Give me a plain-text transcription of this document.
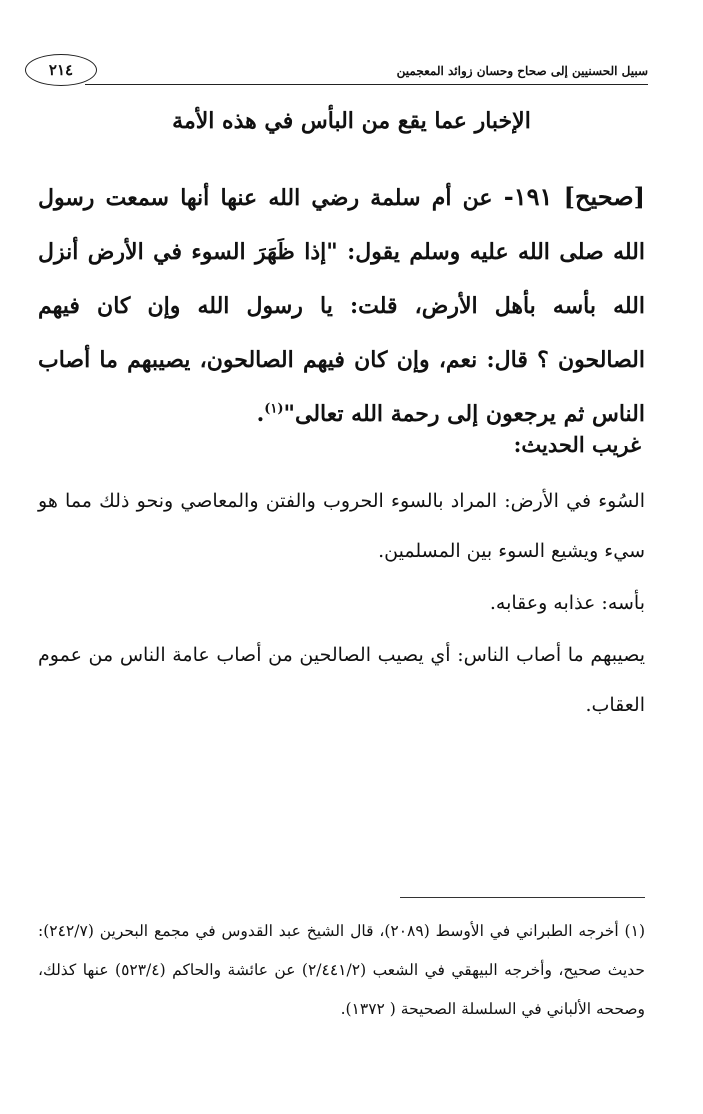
٢١٤	سبيل الحسنيين إلى صحاح وحسان زوائد المعجمين
الإخبار عما يقع من البأس في هذه الأمة
[صحيح] ١٩١- عن أم سلمة رضي الله عنها أنها سمعت رسول الله صلى الله عليه وسلم يقول: "إذا ظَهَرَ السوء في الأرض أنزل الله بأسه بأهل الأرض، قلت: يا رسول الله وإن كان فيهم الصالحون ؟ قال: نعم، وإن كان فيهم الصالحون، يصيبهم ما أصاب الناس ثم يرجعون إلى رحمة الله تعالى"$^{(١)}$.
غريب الحديث:

السُوء في الأرض: المراد بالسوء الحروب والفتن والمعاصي ونحو ذلك مما هو سيء ويشيع السوء بين المسلمين.

بأسه: عذابه وعقابه.

يصيبهم ما أصاب الناس: أي يصيب الصالحين من أصاب عامة الناس من عموم العقاب.

(١) أخرجه الطبراني في الأوسط (٢٠٨٩)، قال الشيخ عبد القدوس في مجمع البحرين (٢٤٢/٧): حديث صحيح، وأخرجه البيهقي في الشعب (٢/٤٤١/٢) عن عائشة والحاكم (٥٢٣/٤) عنها كذلك، وصححه الألباني في السلسلة الصحيحة ( ١٣٧٢).
